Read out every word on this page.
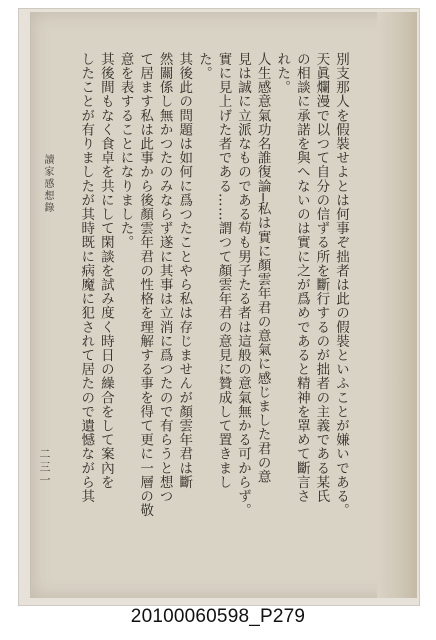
別支那人を假裝せよとは何事ぞ拙者は此の假裝といふことが嫌いである。

天眞爛漫で以つて自分の信ずる所を斷行するのが拙者の主義である某氏

の相談に承諾を與へないのは實に之が爲めであると精神を罩めて斷言さ

れた。

人生感意氣功名誰復論─私は實に顏雲年君の意氣に感じました君の意

見は誠に立派なものである苟も男子たる者は這般の意氣無かる可からず。

實に見上げた者である……謂つて顏雲年君の意見に贊成して置きまし

た。

其後此の問題は如何に爲つたことやら私は存じませんが顏雲年君は斷

然關係し無かつたのみならず遂に其事は立消に爲つたので有らうと想つ

て居ます私は此事から後顏雲年君の性格を理解する事を得て更に一層の敬

意を表することになりました。

其後間もなく食卓を共にして閑談を試み度く時日の繰合をして案內を

したことが有りましたが其時既に病魔に犯されて居たので遺憾ながら其

讀家感想錄
二三一
20100060598_P279
